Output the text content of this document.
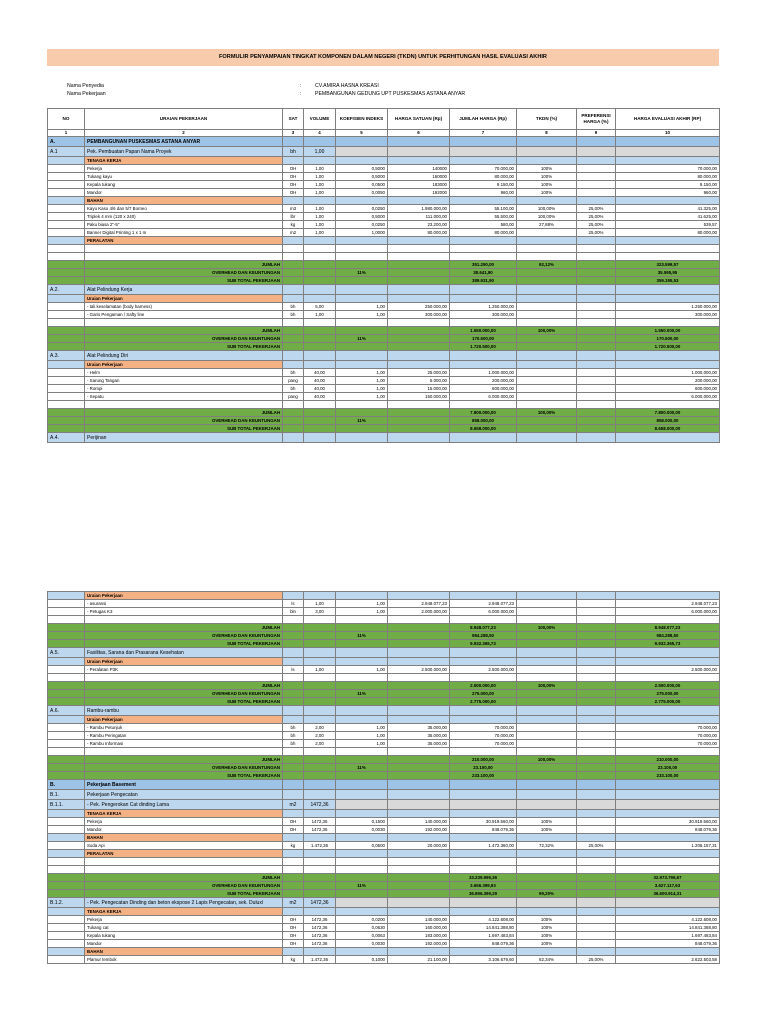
FORMULIR PENYAMPAIAN TINGKAT KOMPONEN DALAM NEGERI (TKDN) UNTUK PERHITUNGAN HASIL EVALUASI AKHIR
Nama Penyedia	:	CV.AMIRA HASNA KREASI
Nama Pekerjaan	:	PEMBANGUNAN GEDUNG UPT PUSKESMAS ASTANA ANYAR
NO	URAIAN PEKERJAAN	SAT	VOLUME	KOEFISIEN INDEKS	HARGA SATUAN (Rp)	JUMLAH HARGA (Rp)	TKDN (%)	PREFERENSI HARGA (%)	HARGA EVALUASI AKHIR (RP)
1	2	3	4	5	6	7	8	9	10
A.	PEMBANGUNAN PUSKESMAS ASTANA ANYAR								
A.1	Pek. Pembuatan Papan Nama Proyek	bh	1,00						
	TENAGA KERJA								
	Pekerja	OH	1,00	0,5000	140000	70.000,00	100%		70.000,00
	Tukang kayu	OH	1,00	0,5000	160000	80.000,00	100%		80.000,00
	Kepala tukang	OH	1,00	0,0500	183000	9.150,00	100%		9.150,00
	Mandor	OH	1,00	0,0050	192000	960,00	100%		960,00
	BAHAN								
	Kayu Kaso 4/6 dan 5/7 Borneo	m3	1,00	0,0250	1.980.000,00	55.100,00	100,00%	25,00%	41.325,00
	Triplek 4 mm (120 x 240)	lbr	1,00	0,5000	111.000,00	55.500,00	100,00%	25,00%	41.625,00
	Paku biasa 2"-5"	kg	1,00	0,0250	23.200,00	580,00	27,88%	25,00%	539,57
	Banner Digital Printing 1 x 1 m	m2	1,00	1,0000	80.000,00	80.000,00		25,00%	80.000,00
	PERALATAN								

	JUMLAH					351.290,00	92,12%		323.599,57
	OVERHEAD DAN KEUNTUNGAN			11%		38.641,90			35.595,95
	SUB TOTAL PEKERJAAN					389.931,90			359.195,53
A.2.	Alat Pelindung Kerja								
	Uraian Pekerjaan								
	- tali keselamatan (body harness)	bh	5,00	1,00	250.000,00	1.250.000,00			1.250.000,00
	- Garis Pengaman / Safty line	bh	1,00	1,00	300.000,00	300.000,00			300.000,00

	JUMLAH					1.550.000,00	100,00%		1.550.000,00
	OVERHEAD DAN KEUNTUNGAN			11%		170.500,00			170.500,00
	SUB TOTAL PEKERJAAN					1.720.500,00			1.720.500,00
A.3.	Alat Pelindung Diri								
	Uraian Pekerjaan								
	- Helm	bh	40,00	1,00	25.000,00	1.000.000,00			1.000.000,00
	- Sarung Tangan	pang	40,00	1,00	5.000,00	200.000,00			200.000,00
	- Rompi	bh	40,00	1,00	15.000,00	600.000,00			600.000,00
	- Sepatu	pang	40,00	1,00	150.000,00	6.000.000,00			6.000.000,00

	JUMLAH					7.800.000,00	100,00%		7.800.000,00
	OVERHEAD DAN KEUNTUNGAN			11%		858.000,00			858.000,00
	SUB TOTAL PEKERJAAN					8.658.000,00			8.658.000,00
A.4.	Perijinan								
	Uraian Pekerjaan								
	- asuransi	ls	1,00	1,00	2.948.077,23	2.948.077,23			2.948.077,23
	- Petugas K3	bln	3,00	1,00	2.000.000,00	6.000.000,00			6.000.000,00

	JUMLAH					8.948.077,23	100,00%		8.948.077,23
	OVERHEAD DAN KEUNTUNGAN			11%		984.288,50			984.288,50
	SUB TOTAL PEKERJAAN					9.932.365,73			9.932.365,73
A.5.	Fasilitas, Sarana dan Prasarana Kesehatan								
	Uraian Pekerjaan								
	- Peralatan P3K	ls	1,00	1,00	2.500.000,00	2.500.000,00			2.500.000,00

	JUMLAH					2.500.000,00	100,00%		2.500.000,00
	OVERHEAD DAN KEUNTUNGAN			11%		275.000,00			275.000,00
	SUB TOTAL PEKERJAAN					2.775.000,00			2.775.000,00
A.6.	Rambu-rambu								
	Uraian Pekerjaan								
	- Rambu Petunjuk	bh	2,00	1,00	35.000,00	70.000,00			70.000,00
	- Rambu Peringatan	bh	2,00	1,00	35.000,00	70.000,00			70.000,00
	- Rambu Informasi	bh	2,00	1,00	35.000,00	70.000,00			70.000,00

	JUMLAH					210.000,00	100,00%		210.000,00
	OVERHEAD DAN KEUNTUNGAN			11%		23.100,00			23.100,00
	SUB TOTAL PEKERJAAN					233.100,00			233.100,00
B.	Pekerjaan Basement								
B.1.	Pekerjaan Pengecatan								
B.1.1.	- Pek. Pengerokan Cat dinding Lama	m2	1472,36						
	TENAGA KERJA								
	Pekerja	OH	1472,36	0,1500	140.000,00	30.919.560,00	100%		30.919.560,00
	Mandor	OH	1472,36	0,0030	192.000,00	848.079,36	100%		848.079,36
	BAHAN								
	Soda Api	kg	1.472,36	0,0500	20.000,00	1.472.360,00	72,32%	25,00%	1.206.157,31
	PERALATAN								

	JUMLAH					33.239.999,36			32.973.796,67
	OVERHEAD DAN KEUNTUNGAN			11%		3.656.399,93			3.627.117,63
	SUB TOTAL PEKERJAAN					36.896.399,29	99,20%		36.600.914,31
B.1.2.	- Pek. Pengecatan Dinding dan beton ekspose 2 Lapis Pengecatan, sek. Duluxl	m2	1472,36						
	TENAGA KERJA								
	Pekerja	OH	1472,36	0,0200	140.000,00	4.122.608,00	100%		4.122.608,00
	Tukang cat	OH	1472,36	0,0630	160.000,00	14.841.388,80	100%		14.841.388,80
	Kepala tukang	OH	1472,36	0,0063	183.000,00	1.697.483,84	100%		1.697.483,84
	Mandor	OH	1472,36	0,0030	192.000,00	848.079,36	100%		848.079,36
	BAHAN								
	Plamur tembok	kg	1.472,36	0,1000	21.100,00	3.106.679,60	62,34%	25,00%	2.622.503,58
